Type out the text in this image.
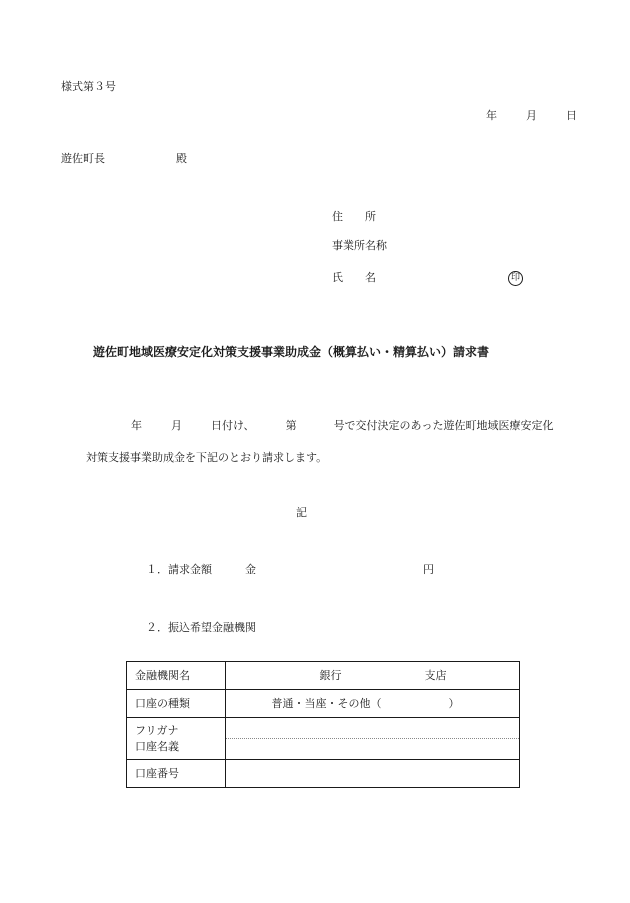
様式第３号
年	月	日
遊佐町長	殿
住　　所
事業所名称
氏　　名	印
遊佐町地域医療安定化対策支援事業助成金（概算払い・精算払い）請求書
年	月	日付け、	第	号で交付決定のあった遊佐町地域医療安定化
対策支援事業助成金を下記のとおり請求します。
記
１．請求金額	金	円
２．振込希望金融機関
金融機関名	銀行 支店
口座の種類	普通・当座・その他（ ）

フリガナ
口座名義	

口座番号	
